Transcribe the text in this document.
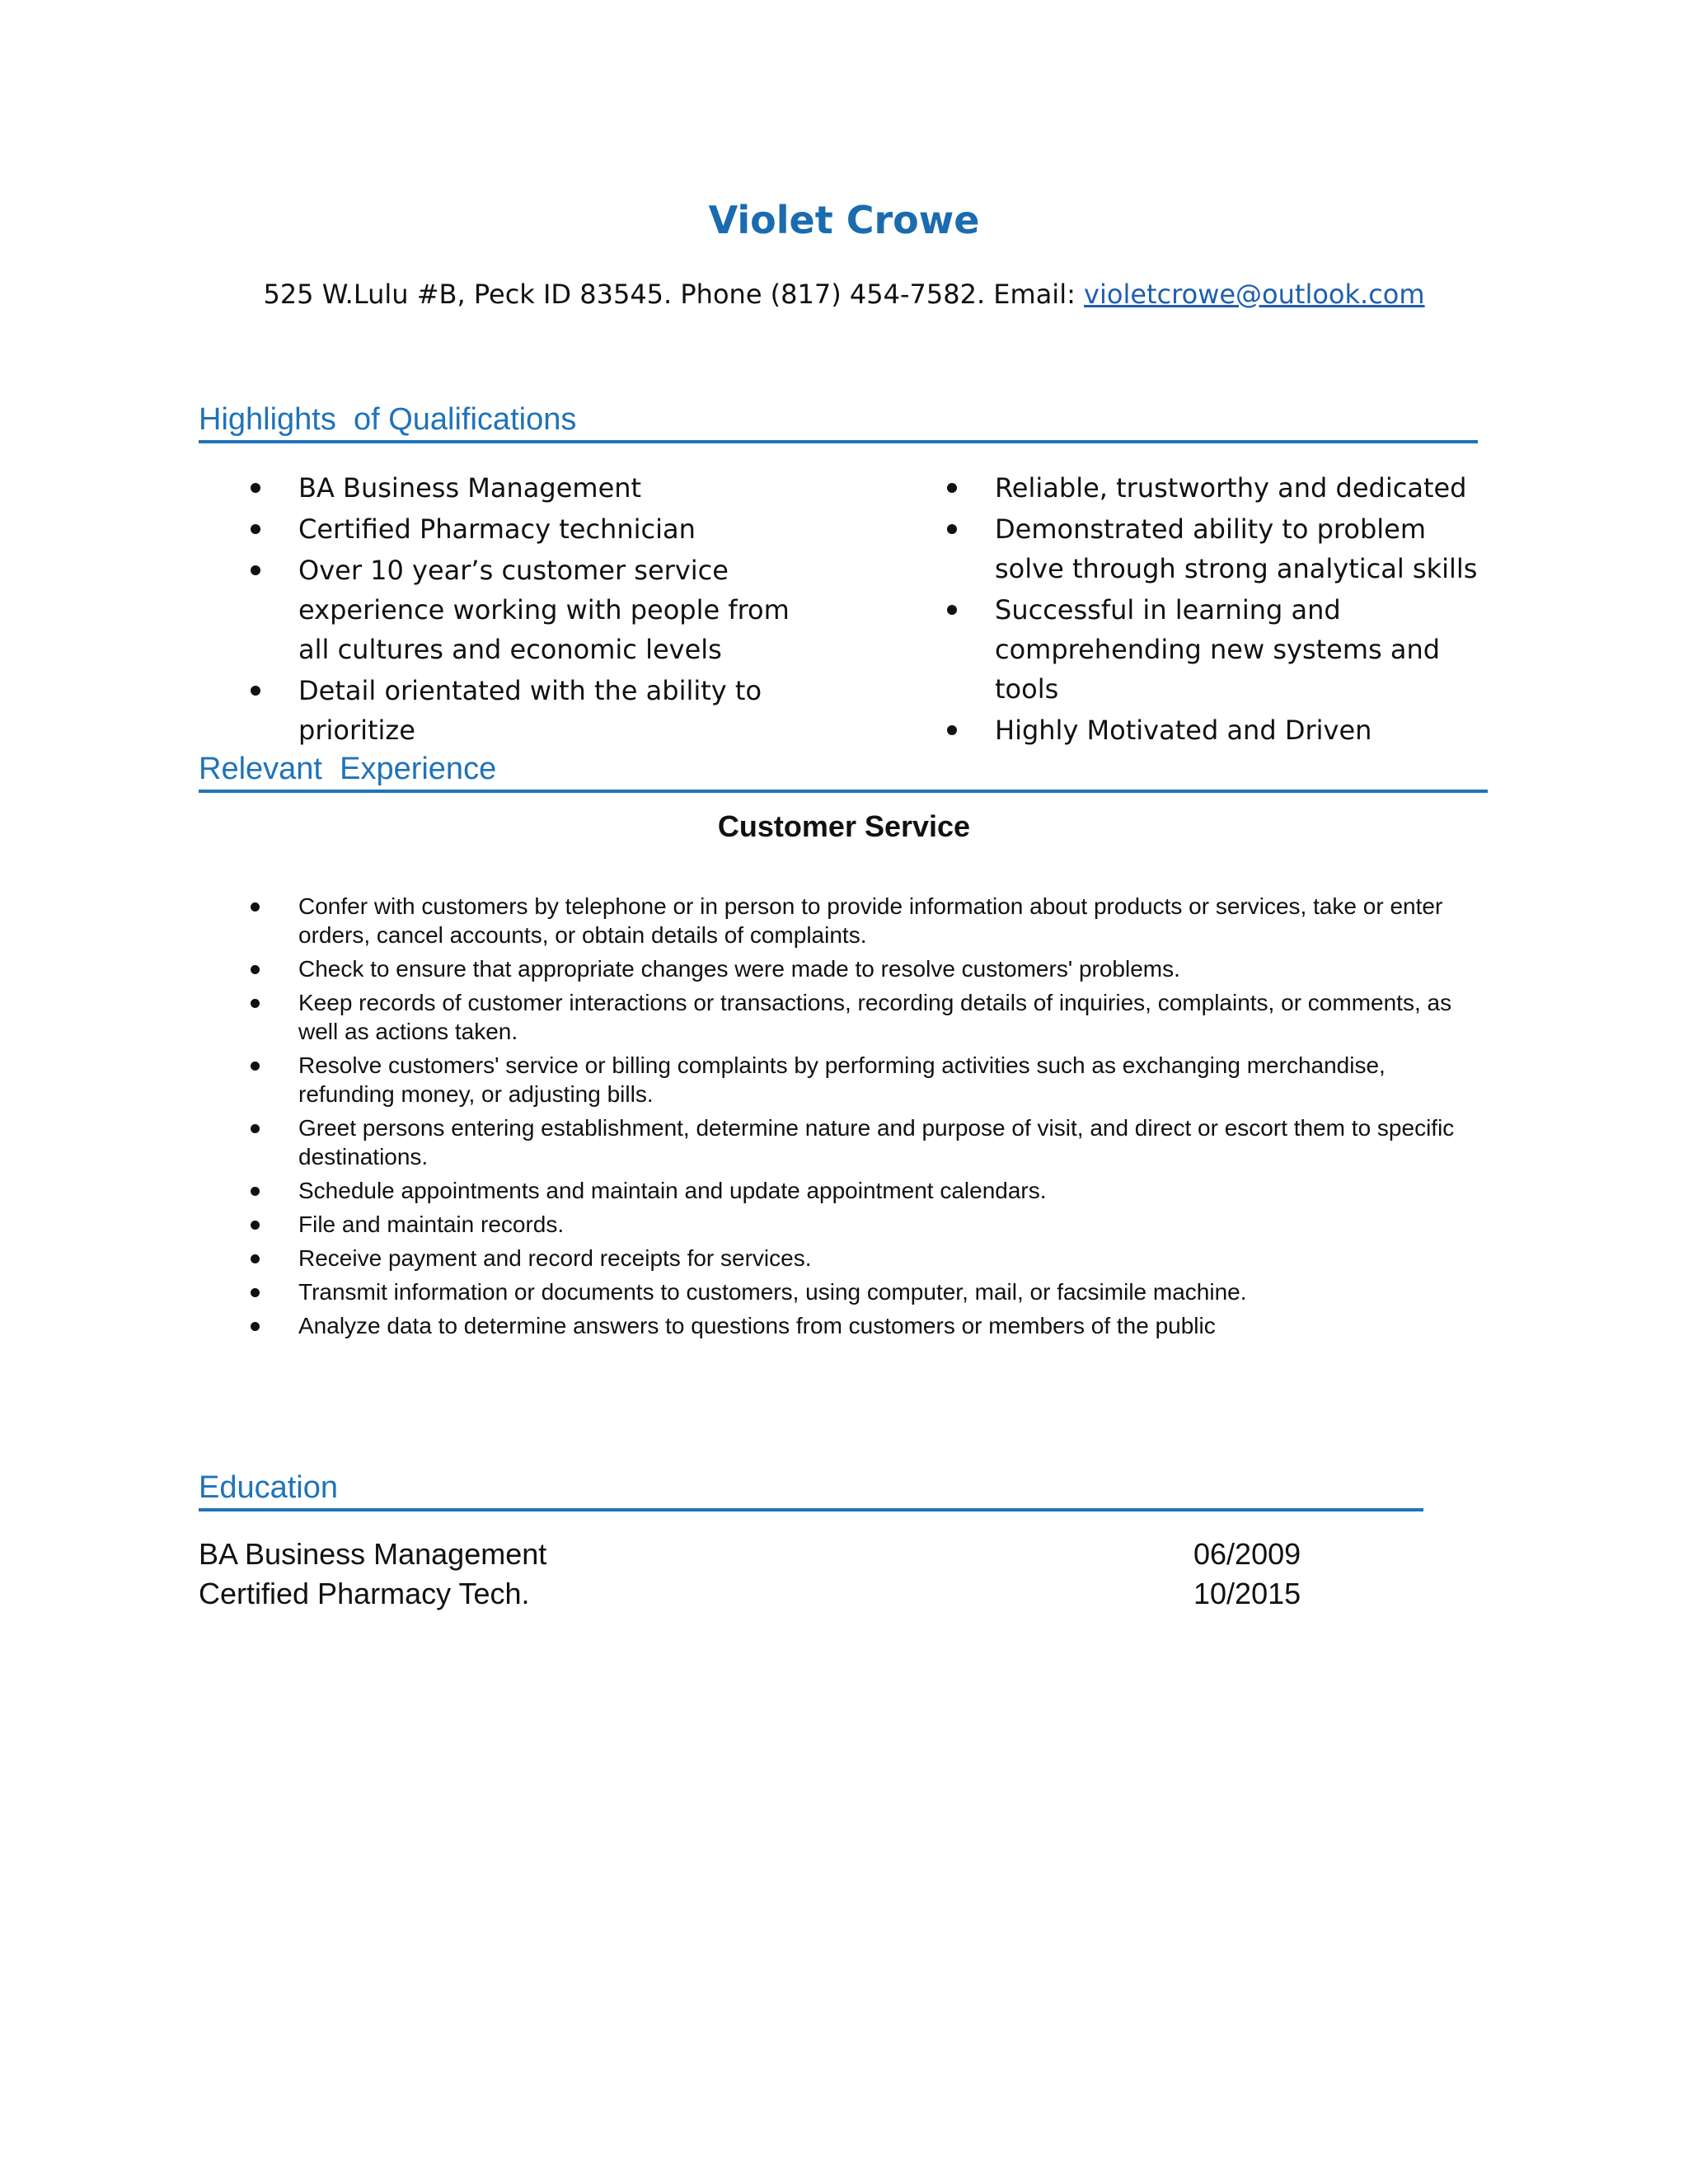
Violet Crowe
525 W.Lulu #B, Peck ID 83545. Phone (817) 454-7582. Email: violetcrowe@outlook.com
Highlights  of Qualifications
BA Business Management
Certified Pharmacy technician
Over 10 year’s customer service experience working with people from all cultures and economic levels
Detail orientated with the ability to prioritize
Reliable, trustworthy and dedicated
Demonstrated ability to problem solve through strong analytical skills
Successful in learning and comprehending new systems and tools
Highly Motivated and Driven
Relevant  Experience
Customer Service
Confer with customers by telephone or in person to provide information about products or services, take or enter orders, cancel accounts, or obtain details of complaints.
Check to ensure that appropriate changes were made to resolve customers' problems.
Keep records of customer interactions or transactions, recording details of inquiries, complaints, or comments, as well as actions taken.
Resolve customers' service or billing complaints by performing activities such as exchanging merchandise, refunding money, or adjusting bills.
Greet persons entering establishment, determine nature and purpose of visit, and direct or escort them to specific destinations.
Schedule appointments and maintain and update appointment calendars.
File and maintain records.
Receive payment and record receipts for services.
Transmit information or documents to customers, using computer, mail, or facsimile machine.
Analyze data to determine answers to questions from customers or members of the public
Education
BA Business Management	06/2009
Certified Pharmacy Tech.	10/2015
